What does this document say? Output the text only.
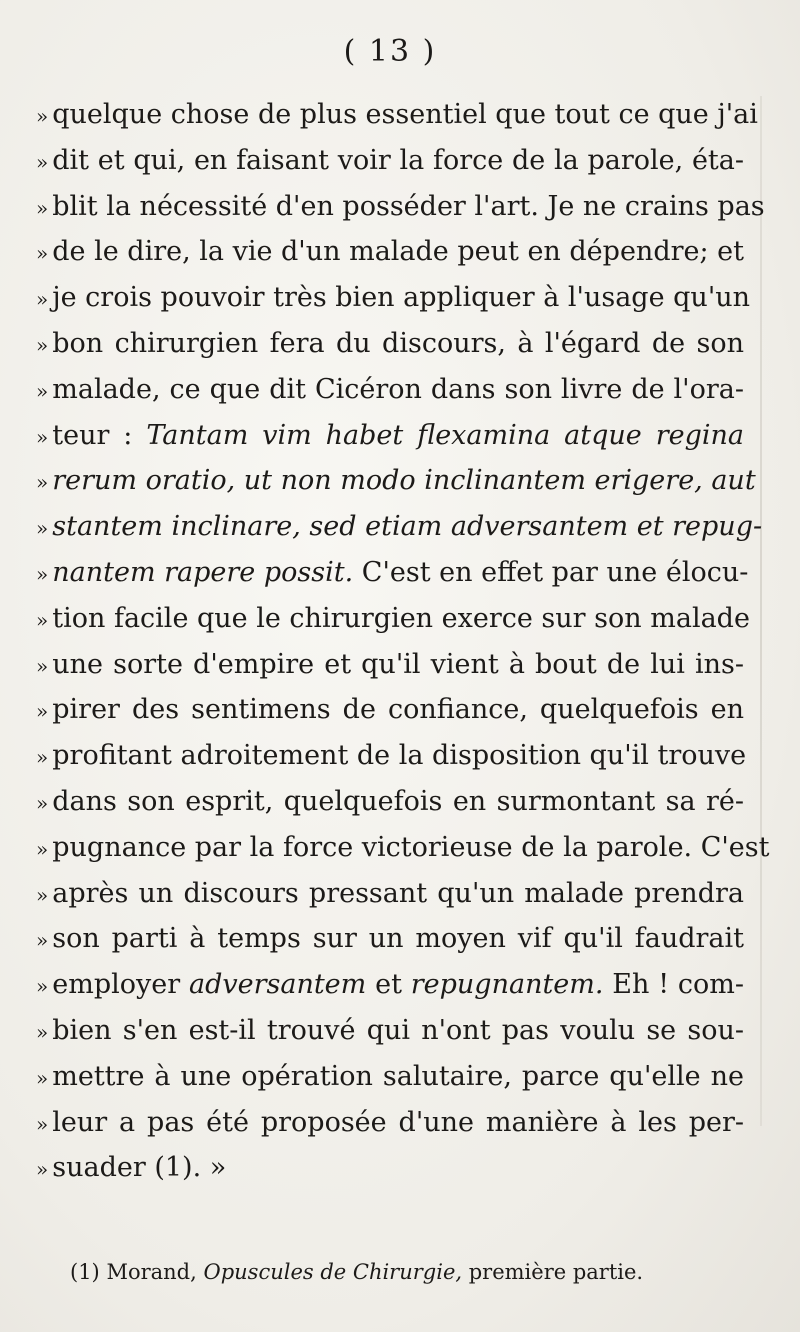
( 13 )
» quelque chose de plus essentiel que tout ce que j'ai
» dit et qui, en faisant voir la force de la parole, éta-
» blit la nécessité d'en posséder l'art. Je ne crains pas
» de le dire, la vie d'un malade peut en dépendre; et
» je crois pouvoir très bien appliquer à l'usage qu'un
» bon chirurgien fera du discours, à l'égard de son
» malade, ce que dit Cicéron dans son livre de l'ora-
» teur : Tantam vim habet flexamina atque regina
» rerum oratio, ut non modo inclinantem erigere, aut
» stantem inclinare, sed etiam adversantem et repug-
» nantem rapere possit. C'est en effet par une élocu-
» tion facile que le chirurgien exerce sur son malade
» une sorte d'empire et qu'il vient à bout de lui ins-
» pirer des sentimens de confiance, quelquefois en
» profitant adroitement de la disposition qu'il trouve
» dans son esprit, quelquefois en surmontant sa ré-
» pugnance par la force victorieuse de la parole. C'est
» après un discours pressant qu'un malade prendra
» son parti à temps sur un moyen vif qu'il faudrait
» employer adversantem et repugnantem. Eh ! com-
» bien s'en est-il trouvé qui n'ont pas voulu se sou-
» mettre à une opération salutaire, parce qu'elle ne
» leur a pas été proposée d'une manière à les per-
» suader (1). »
(1) Morand, Opuscules de Chirurgie, première partie.
